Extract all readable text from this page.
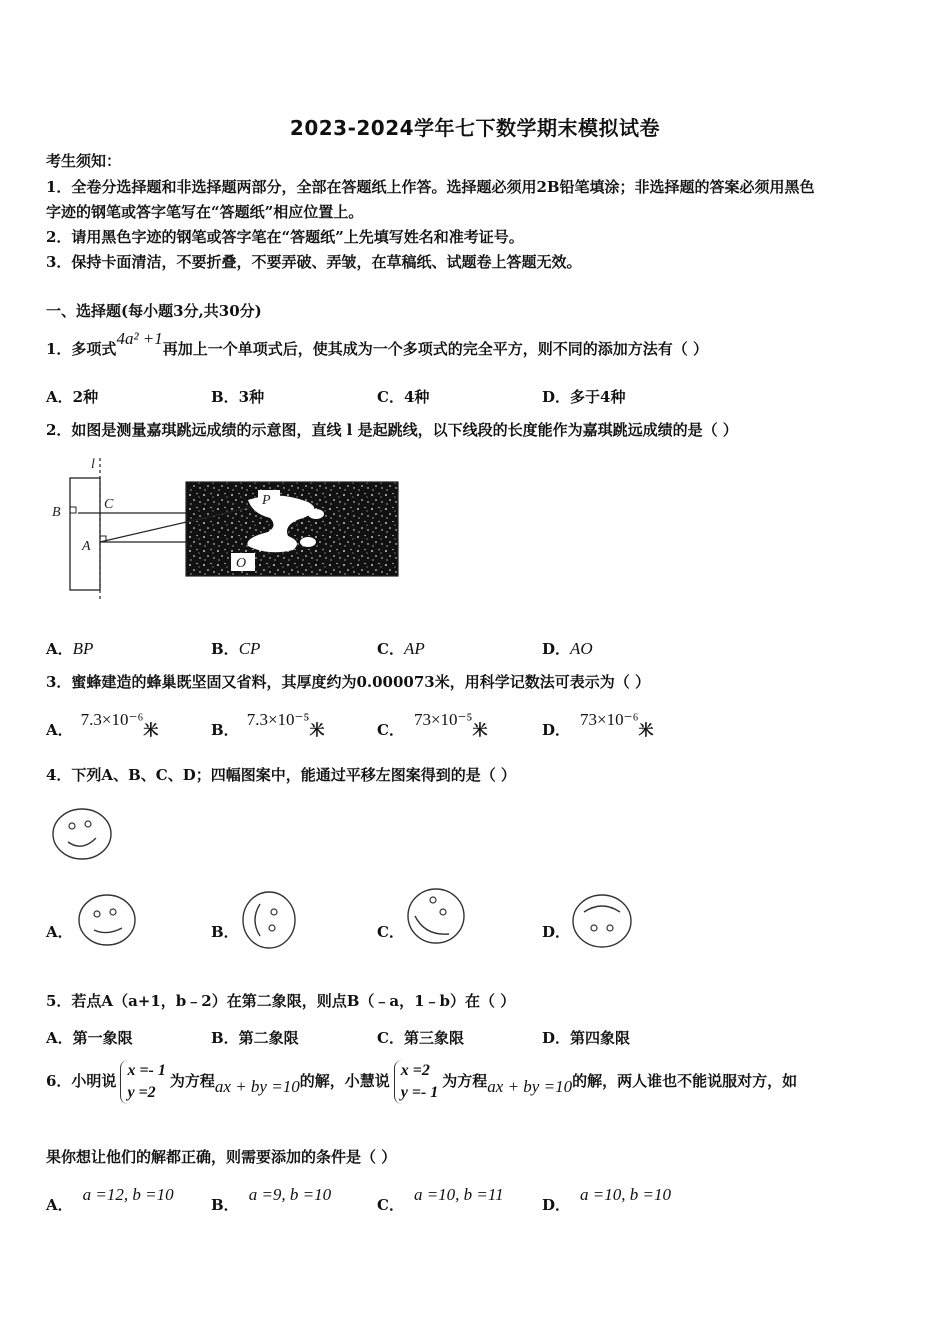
2023-2024学年七下数学期末模拟试卷
考生须知：
1．全卷分选择题和非选择题两部分，全部在答题纸上作答。选择题必须用2B铅笔填涂；非选择题的答案必须用黑色
字迹的钢笔或答字笔写在“答题纸”相应位置上。
2．请用黑色字迹的钢笔或答字笔在“答题纸”上先填写姓名和准考证号。
3．保持卡面清洁，不要折叠，不要弄破、弄皱，在草稿纸、试题卷上答题无效。
一、选择题(每小题3分,共30分)
1．多项式4a² +1再加上一个单项式后，使其成为一个多项式的完全平方，则不同的添加方法有（ ）
A．2种	B．3种	C．4种	D．多于4种
2．如图是测量嘉琪跳远成绩的示意图，直线 l 是起跳线，以下线段的长度能作为嘉琪跳远成绩的是（ ）
l
P
O
B
C
A
A．BP	B．CP	C．AP	D．AO
3．蜜蜂建造的蜂巢既坚固又省料，其厚度约为0.000073米，用科学记数法可表示为（ ）
A．7.3×10⁻⁶米	B．7.3×10⁻⁵米	C．73×10⁻⁵米	D．73×10⁻⁶米
4．下列A、B、C、D；四幅图案中，能通过平移左图案得到的是（ ）
A．	B．	C．	D．
5．若点A（a+1，b﹣2）在第二象限，则点B（﹣a，1﹣b）在（ ）
A．第一象限	B．第二象限	C．第三象限	D．第四象限
6．小明说
x =- 1
y =2
为方程ax + by =10的解，小慧说
x =2
y =- 1
为方程ax + by =10的解，两人谁也不能说服对方，如
果你想让他们的解都正确，则需要添加的条件是（ ）
A．a =12, b =10
B．a =9, b =10
C．a =10, b =11
D．a =10, b =10
